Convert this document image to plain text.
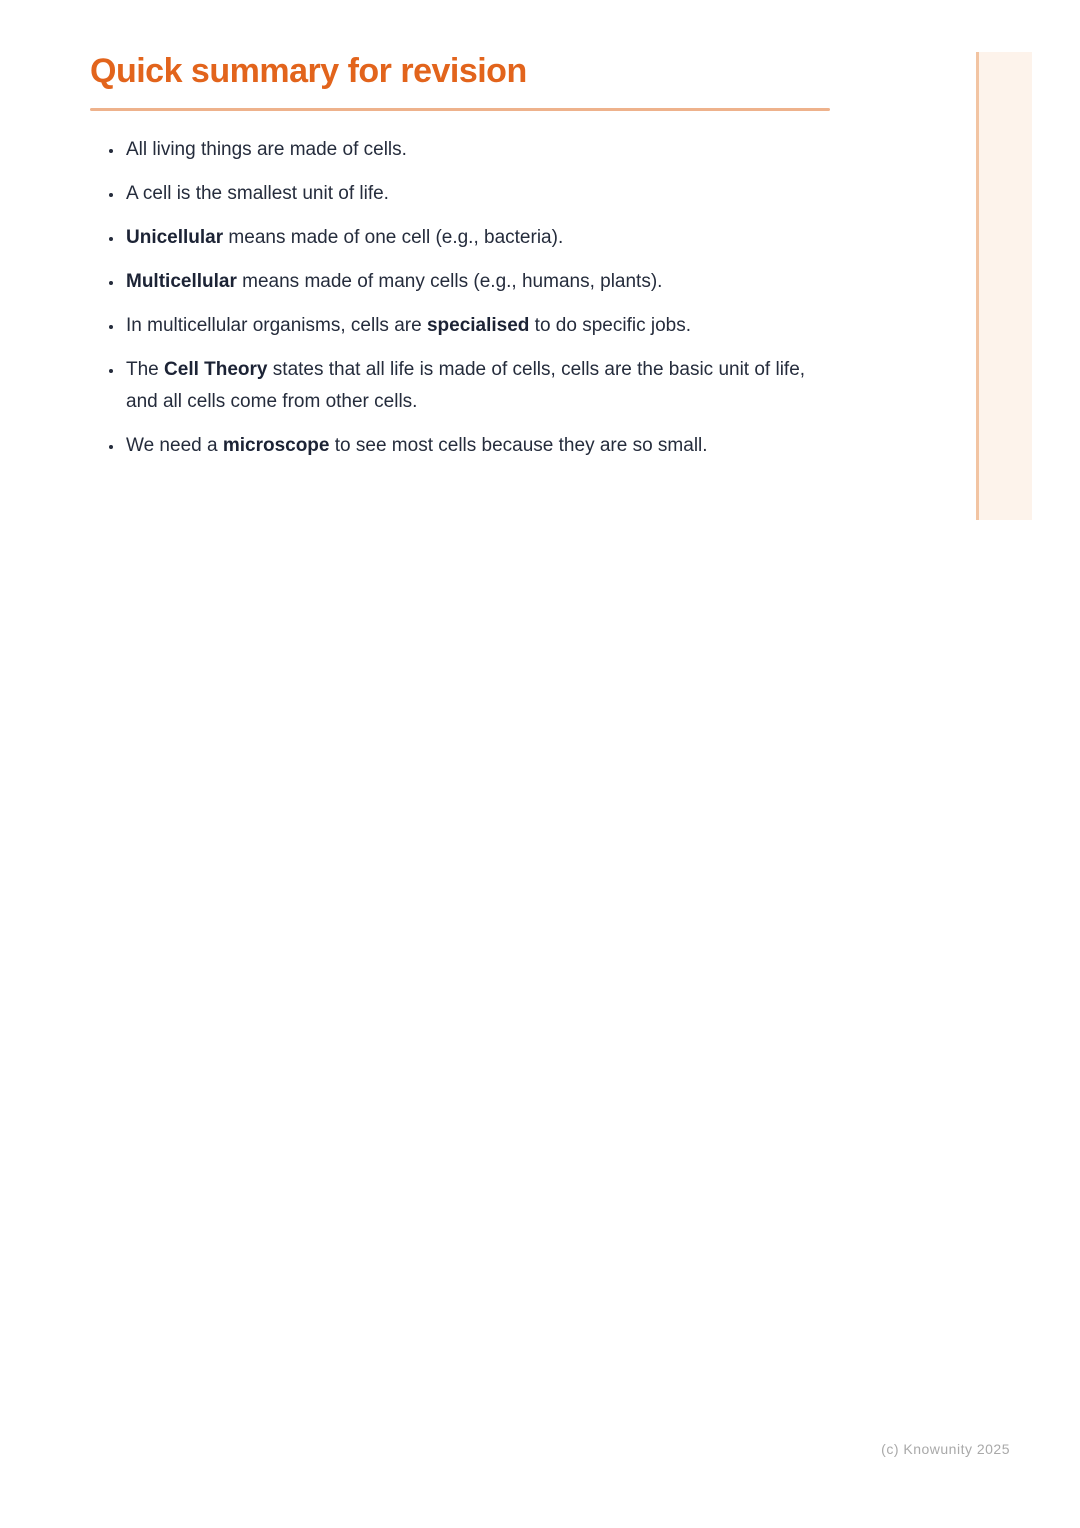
Quick summary for revision
• All living things are made of cells.
• A cell is the smallest unit of life.
• Unicellular means made of one cell (e.g., bacteria).
• Multicellular means made of many cells (e.g., humans, plants).
• In multicellular organisms, cells are specialised to do specific jobs.
• The Cell Theory states that all life is made of cells, cells are the basic unit of life, and all cells come from other cells.
• We need a microscope to see most cells because they are so small.
(c) Knowunity 2025
